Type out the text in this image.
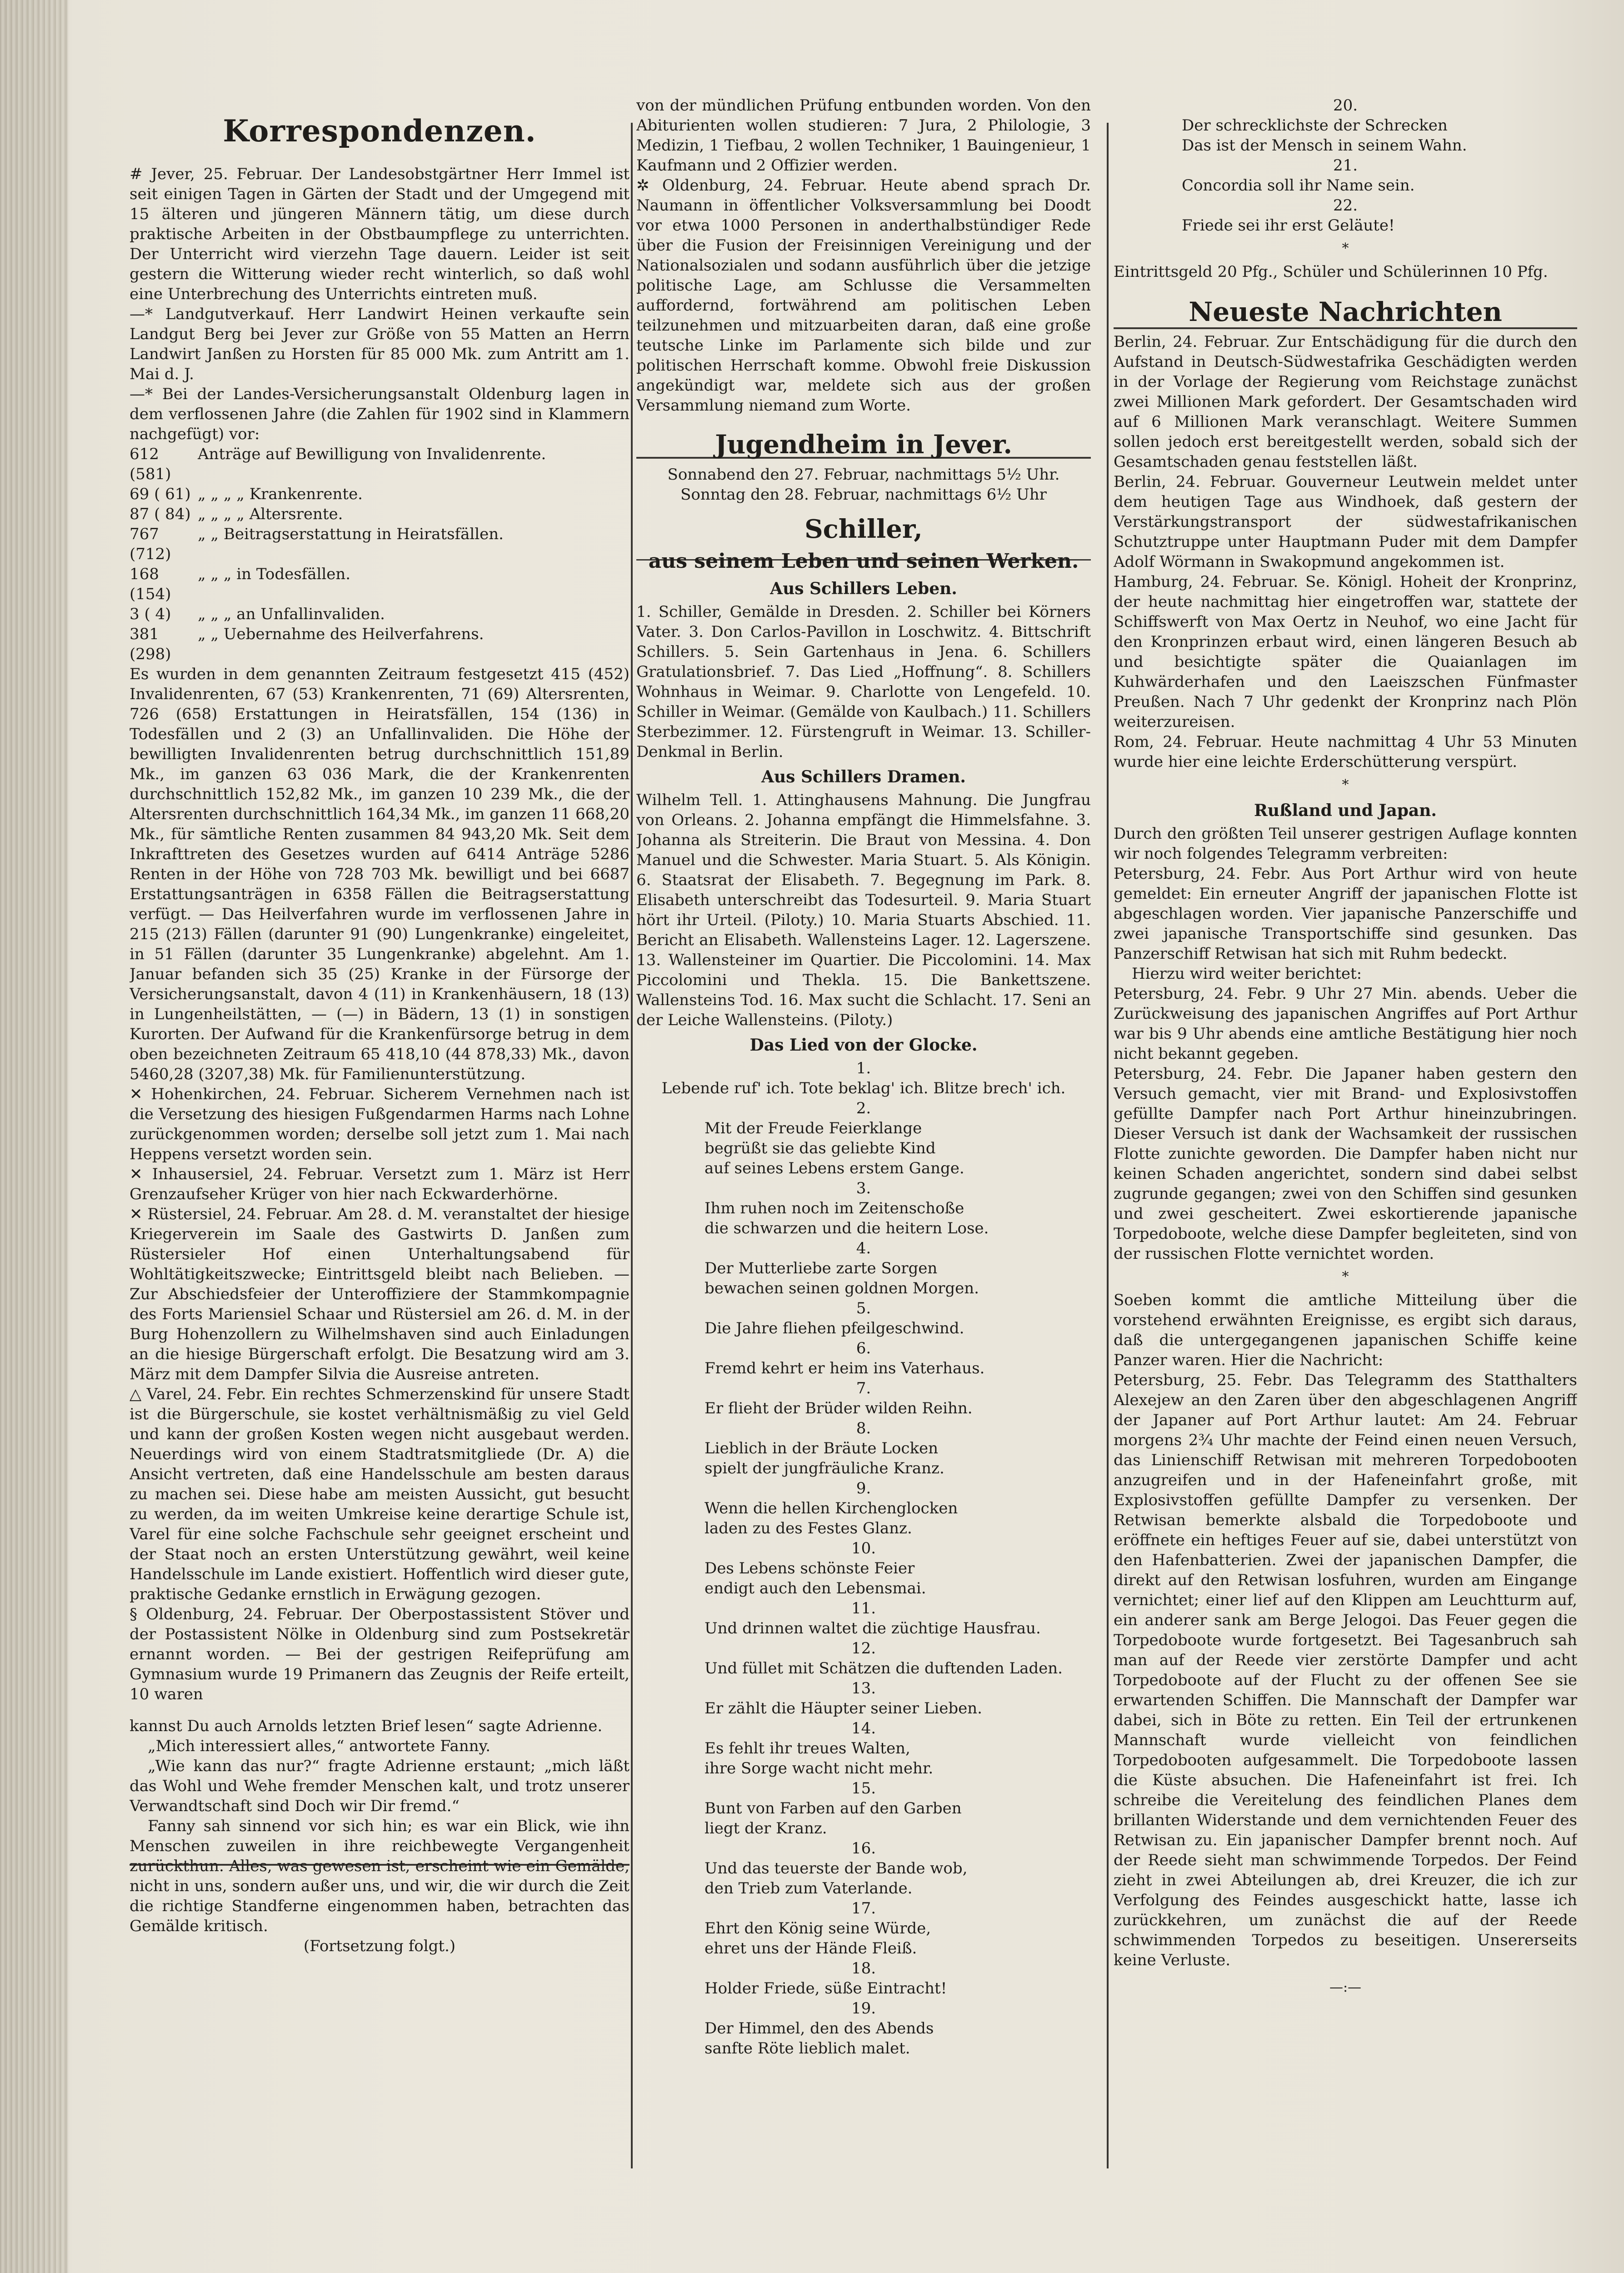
Korrespondenzen.

# Jever, 25. Februar. Der Landesobstgärtner Herr Immel ist seit einigen Tagen in Gärten der Stadt und der Umgegend mit 15 älteren und jüngeren Männern tätig, um diese durch praktische Arbeiten in der Obstbaumpflege zu unterrichten. Der Unterricht wird vierzehn Tage dauern. Leider ist seit gestern die Witterung wieder recht winterlich, so daß wohl eine Unterbrechung des Unterrichts eintreten muß.

—* Landgutverkauf. Herr Landwirt Heinen verkaufte sein Landgut Berg bei Jever zur Größe von 55 Matten an Herrn Landwirt Janßen zu Horsten für 85 000 Mk. zum Antritt am 1. Mai d. J.

—* Bei der Landes-Versicherungsanstalt Oldenburg lagen in dem verflossenen Jahre (die Zahlen für 1902 sind in Klammern nachgefügt) vor:

612 (581)	Anträge auf Bewilligung von Invalidenrente.
69 ( 61)	„ „ „ „ Krankenrente.
87 ( 84)	„ „ „ „ Altersrente.
767 (712)	„ „ Beitragserstattung in Heiratsfällen.
168 (154)	„ „ „ in Todesfällen.
3 ( 4)	„ „ „ an Unfallinvaliden.
381 (298)	„ „ Uebernahme des Heilverfahrens.

Es wurden in dem genannten Zeitraum festgesetzt 415 (452) Invalidenrenten, 67 (53) Krankenrenten, 71 (69) Altersrenten, 726 (658) Erstattungen in Heiratsfällen, 154 (136) in Todesfällen und 2 (3) an Unfallinvaliden. Die Höhe der bewilligten Invalidenrenten betrug durchschnittlich 151,89 Mk., im ganzen 63 036 Mark, die der Krankenrenten durchschnittlich 152,82 Mk., im ganzen 10 239 Mk., die der Altersrenten durchschnittlich 164,34 Mk., im ganzen 11 668,20 Mk., für sämtliche Renten zusammen 84 943,20 Mk. Seit dem Inkrafttreten des Gesetzes wurden auf 6414 Anträge 5286 Renten in der Höhe von 728 703 Mk. bewilligt und bei 6687 Erstattungsanträgen in 6358 Fällen die Beitragserstattung verfügt. — Das Heilverfahren wurde im verflossenen Jahre in 215 (213) Fällen (darunter 91 (90) Lungenkranke) eingeleitet, in 51 Fällen (darunter 35 Lungenkranke) abgelehnt. Am 1. Januar befanden sich 35 (25) Kranke in der Fürsorge der Versicherungsanstalt, davon 4 (11) in Krankenhäusern, 18 (13) in Lungenheilstätten, — (—) in Bädern, 13 (1) in sonstigen Kurorten. Der Aufwand für die Krankenfürsorge betrug in dem oben bezeichneten Zeitraum 65 418,10 (44 878,33) Mk., davon 5460,28 (3207,38) Mk. für Familienunterstützung.

✕ Hohenkirchen, 24. Februar. Sicherem Vernehmen nach ist die Versetzung des hiesigen Fußgendarmen Harms nach Lohne zurückgenommen worden; derselbe soll jetzt zum 1. Mai nach Heppens versetzt worden sein.

✕ Inhausersiel, 24. Februar. Versetzt zum 1. März ist Herr Grenzaufseher Krüger von hier nach Eckwarderhörne.

✕ Rüstersiel, 24. Februar. Am 28. d. M. veranstaltet der hiesige Kriegerverein im Saale des Gastwirts D. Janßen zum Rüstersieler Hof einen Unterhaltungsabend für Wohltätigkeitszwecke; Eintrittsgeld bleibt nach Belieben. — Zur Abschiedsfeier der Unteroffiziere der Stammkompagnie des Forts Mariensiel Schaar und Rüstersiel am 26. d. M. in der Burg Hohenzollern zu Wilhelmshaven sind auch Einladungen an die hiesige Bürgerschaft erfolgt. Die Besatzung wird am 3. März mit dem Dampfer Silvia die Ausreise antreten.

△ Varel, 24. Febr. Ein rechtes Schmerzenskind für unsere Stadt ist die Bürgerschule, sie kostet verhältnismäßig zu viel Geld und kann der großen Kosten wegen nicht ausgebaut werden. Neuerdings wird von einem Stadtratsmitgliede (Dr. A) die Ansicht vertreten, daß eine Handelsschule am besten daraus zu machen sei. Diese habe am meisten Aussicht, gut besucht zu werden, da im weiten Umkreise keine derartige Schule ist, Varel für eine solche Fachschule sehr geeignet erscheint und der Staat noch an ersten Unterstützung gewährt, weil keine Handelsschule im Lande existiert. Hoffentlich wird dieser gute, praktische Gedanke ernstlich in Erwägung gezogen.

§ Oldenburg, 24. Februar. Der Oberpostassistent Stöver und der Postassistent Nölke in Oldenburg sind zum Postsekretär ernannt worden. — Bei der gestrigen Reifeprüfung am Gymnasium wurde 19 Primanern das Zeugnis der Reife erteilt, 10 waren

kannst Du auch Arnolds letzten Brief lesen“ sagte Adrienne.

„Mich interessiert alles,“ antwortete Fanny.

„Wie kann das nur?“ fragte Adrienne erstaunt; „mich läßt das Wohl und Wehe fremder Menschen kalt, und trotz unserer Verwandtschaft sind Doch wir Dir fremd.“

Fanny sah sinnend vor sich hin; es war ein Blick, wie ihn Menschen zuweilen in ihre reichbewegte Vergangenheit zurückthun. Alles, was gewesen ist, erscheint wie ein Gemälde, nicht in uns, sondern außer uns, und wir, die wir durch die Zeit die richtige Standferne eingenommen haben, betrachten das Gemälde kritisch.

(Fortsetzung folgt.)

von der mündlichen Prüfung entbunden worden. Von den Abiturienten wollen studieren: 7 Jura, 2 Philologie, 3 Medizin, 1 Tiefbau, 2 wollen Techniker, 1 Bauingenieur, 1 Kaufmann und 2 Offizier werden.

✲ Oldenburg, 24. Februar. Heute abend sprach Dr. Naumann in öffentlicher Volksversammlung bei Doodt vor etwa 1000 Personen in anderthalbstündiger Rede über die Fusion der Freisinnigen Vereinigung und der Nationalsozialen und sodann ausführlich über die jetzige politische Lage, am Schlusse die Versammelten auffordernd, fortwährend am politischen Leben teilzunehmen und mitzuarbeiten daran, daß eine große teutsche Linke im Parlamente sich bilde und zur politischen Herrschaft komme. Obwohl freie Diskussion angekündigt war, meldete sich aus der großen Versammlung niemand zum Worte.

Jugendheim in Jever.

Sonnabend den 27. Februar, nachmittags 5½ Uhr.

Sonntag den 28. Februar, nachmittags 6½ Uhr

Schiller,

aus seinem Leben und seinen Werken.

Aus Schillers Leben.

1. Schiller, Gemälde in Dresden. 2. Schiller bei Körners Vater. 3. Don Carlos-Pavillon in Loschwitz. 4. Bittschrift Schillers. 5. Sein Gartenhaus in Jena. 6. Schillers Gratulationsbrief. 7. Das Lied „Hoffnung“. 8. Schillers Wohnhaus in Weimar. 9. Charlotte von Lengefeld. 10. Schiller in Weimar. (Gemälde von Kaulbach.) 11. Schillers Sterbezimmer. 12. Fürstengruft in Weimar. 13. Schiller-Denkmal in Berlin.

Aus Schillers Dramen.

Wilhelm Tell. 1. Attinghausens Mahnung. Die Jungfrau von Orleans. 2. Johanna empfängt die Himmelsfahne. 3. Johanna als Streiterin. Die Braut von Messina. 4. Don Manuel und die Schwester. Maria Stuart. 5. Als Königin. 6. Staatsrat der Elisabeth. 7. Begegnung im Park. 8. Elisabeth unterschreibt das Todesurteil. 9. Maria Stuart hört ihr Urteil. (Piloty.) 10. Maria Stuarts Abschied. 11. Bericht an Elisabeth. Wallensteins Lager. 12. Lagerszene. 13. Wallensteiner im Quartier. Die Piccolomini. 14. Max Piccolomini und Thekla. 15. Die Bankettszene. Wallensteins Tod. 16. Max sucht die Schlacht. 17. Seni an der Leiche Wallensteins. (Piloty.)

Das Lied von der Glocke.
1.
Lebende ruf' ich. Tote beklag' ich. Blitze brech' ich.
2.
Mit der Freude Feierklange
begrüßt sie das geliebte Kind
auf seines Lebens erstem Gange.
3.
Ihm ruhen noch im Zeitenschoße
die schwarzen und die heitern Lose.
4.
Der Mutterliebe zarte Sorgen
bewachen seinen goldnen Morgen.
5.
Die Jahre fliehen pfeilgeschwind.
6.
Fremd kehrt er heim ins Vaterhaus.
7.
Er flieht der Brüder wilden Reihn.
8.
Lieblich in der Bräute Locken
spielt der jungfräuliche Kranz.
9.
Wenn die hellen Kirchenglocken
laden zu des Festes Glanz.
10.
Des Lebens schönste Feier
endigt auch den Lebensmai.
11.
Und drinnen waltet die züchtige Hausfrau.
12.
Und füllet mit Schätzen die duftenden Laden.
13.
Er zählt die Häupter seiner Lieben.
14.
Es fehlt ihr treues Walten,
ihre Sorge wacht nicht mehr.
15.
Bunt von Farben auf den Garben
liegt der Kranz.
16.
Und das teuerste der Bande wob,
den Trieb zum Vaterlande.
17.
Ehrt den König seine Würde,
ehret uns der Hände Fleiß.
18.
Holder Friede, süße Eintracht!
19.
Der Himmel, den des Abends
sanfte Röte lieblich malet.
20.
Der schrecklichste der Schrecken
Das ist der Mensch in seinem Wahn.
21.
Concordia soll ihr Name sein.
22.
Friede sei ihr erst Geläute!
*

Eintrittsgeld 20 Pfg., Schüler und Schülerinnen 10 Pfg.

Neueste Nachrichten

Berlin, 24. Februar. Zur Entschädigung für die durch den Aufstand in Deutsch-Südwestafrika Geschädigten werden in der Vorlage der Regierung vom Reichstage zunächst zwei Millionen Mark gefordert. Der Gesamtschaden wird auf 6 Millionen Mark veranschlagt. Weitere Summen sollen jedoch erst bereitgestellt werden, sobald sich der Gesamtschaden genau feststellen läßt.

Berlin, 24. Februar. Gouverneur Leutwein meldet unter dem heutigen Tage aus Windhoek, daß gestern der Verstärkungstransport der südwestafrikanischen Schutztruppe unter Hauptmann Puder mit dem Dampfer Adolf Wörmann in Swakopmund angekommen ist.

Hamburg, 24. Februar. Se. Königl. Hoheit der Kronprinz, der heute nachmittag hier eingetroffen war, stattete der Schiffswerft von Max Oertz in Neuhof, wo eine Jacht für den Kronprinzen erbaut wird, einen längeren Besuch ab und besichtigte später die Quaianlagen im Kuhwärderhafen und den Laeiszschen Fünfmaster Preußen. Nach 7 Uhr gedenkt der Kronprinz nach Plön weiterzureisen.

Rom, 24. Februar. Heute nachmittag 4 Uhr 53 Minuten wurde hier eine leichte Erderschütterung verspürt.

*
Rußland und Japan.

Durch den größten Teil unserer gestrigen Auflage konnten wir noch folgendes Telegramm verbreiten:

Petersburg, 24. Febr. Aus Port Arthur wird von heute gemeldet: Ein erneuter Angriff der japanischen Flotte ist abgeschlagen worden. Vier japanische Panzerschiffe und zwei japanische Transportschiffe sind gesunken. Das Panzerschiff Retwisan hat sich mit Ruhm bedeckt.

Hierzu wird weiter berichtet:

Petersburg, 24. Febr. 9 Uhr 27 Min. abends. Ueber die Zurückweisung des japanischen Angriffes auf Port Arthur war bis 9 Uhr abends eine amtliche Bestätigung hier noch nicht bekannt gegeben.

Petersburg, 24. Febr. Die Japaner haben gestern den Versuch gemacht, vier mit Brand- und Explosivstoffen gefüllte Dampfer nach Port Arthur hineinzubringen. Dieser Versuch ist dank der Wachsamkeit der russischen Flotte zunichte geworden. Die Dampfer haben nicht nur keinen Schaden angerichtet, sondern sind dabei selbst zugrunde gegangen; zwei von den Schiffen sind gesunken und zwei gescheitert. Zwei eskortierende japanische Torpedoboote, welche diese Dampfer begleiteten, sind von der russischen Flotte vernichtet worden.

*

Soeben kommt die amtliche Mitteilung über die vorstehend erwähnten Ereignisse, es ergibt sich daraus, daß die untergegangenen japanischen Schiffe keine Panzer waren. Hier die Nachricht:

Petersburg, 25. Febr. Das Telegramm des Statthalters Alexejew an den Zaren über den abgeschlagenen Angriff der Japaner auf Port Arthur lautet: Am 24. Februar morgens 2¾ Uhr machte der Feind einen neuen Versuch, das Linienschiff Retwisan mit mehreren Torpedobooten anzugreifen und in der Hafeneinfahrt große, mit Explosivstoffen gefüllte Dampfer zu versenken. Der Retwisan bemerkte alsbald die Torpedoboote und eröffnete ein heftiges Feuer auf sie, dabei unterstützt von den Hafenbatterien. Zwei der japanischen Dampfer, die direkt auf den Retwisan losfuhren, wurden am Eingange vernichtet; einer lief auf den Klippen am Leuchtturm auf, ein anderer sank am Berge Jelogoi. Das Feuer gegen die Torpedoboote wurde fortgesetzt. Bei Tagesanbruch sah man auf der Reede vier zerstörte Dampfer und acht Torpedoboote auf der Flucht zu der offenen See sie erwartenden Schiffen. Die Mannschaft der Dampfer war dabei, sich in Böte zu retten. Ein Teil der ertrunkenen Mannschaft wurde vielleicht von feindlichen Torpedobooten aufgesammelt. Die Torpedoboote lassen die Küste absuchen. Die Hafeneinfahrt ist frei. Ich schreibe die Vereitelung des feindlichen Planes dem brillanten Widerstande und dem vernichtenden Feuer des Retwisan zu. Ein japanischer Dampfer brennt noch. Auf der Reede sieht man schwimmende Torpedos. Der Feind zieht in zwei Abteilungen ab, drei Kreuzer, die ich zur Verfolgung des Feindes ausgeschickt hatte, lasse ich zurückkehren, um zunächst die auf der Reede schwimmenden Torpedos zu beseitigen. Unsererseits keine Verluste.

—:—
